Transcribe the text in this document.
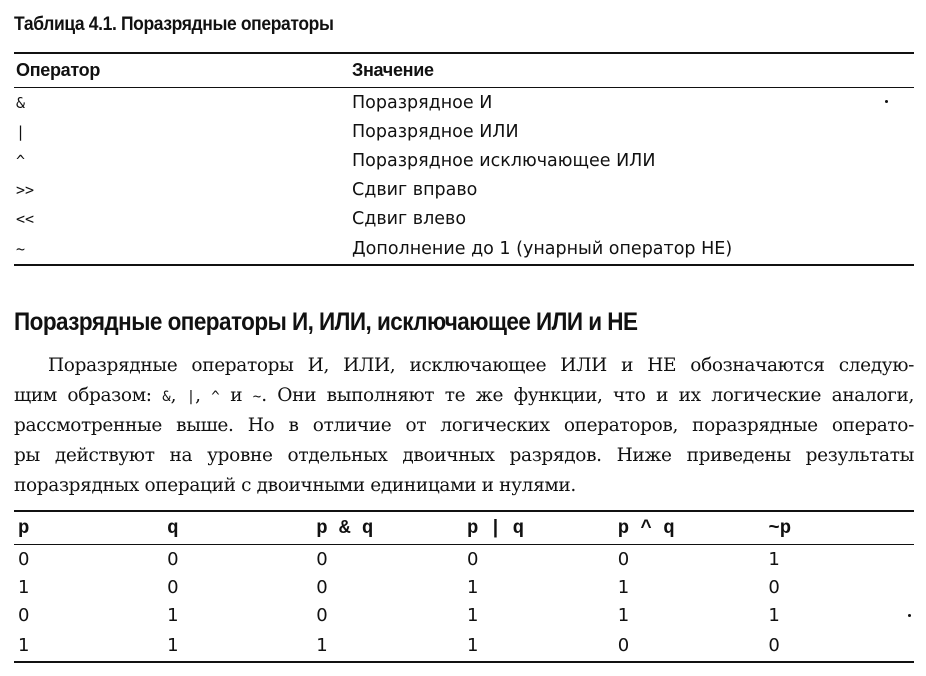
Таблица 4.1. Поразрядные операторы
Оператор	Значение
&	Поразрядное И
|	Поразрядное ИЛИ
^	Поразрядное исключающее ИЛИ
>>	Сдвиг вправо
<<	Сдвиг влево
~	Дополнение до 1 (унарный оператор НЕ)
Поразрядные операторы И, ИЛИ, исключающее ИЛИ и НЕ
Поразрядные операторы И, ИЛИ, исключающее ИЛИ и НЕ обозначаются следую-
щим образом: &, |, ^ и ~. Они выполняют те же функции, что и их логические аналоги,
рассмотренные выше. Но в отличие от логических операторов, поразрядные операто-
ры действуют на уровне отдельных двоичных разрядов. Ниже приведены результаты
поразрядных операций с двоичными единицами и нулями.
p	q	p & q	p | q	p ^ q	~p
0	0	0	0	0	1
1	0	0	1	1	0
0	1	0	1	1	1
1	1	1	1	0	0
